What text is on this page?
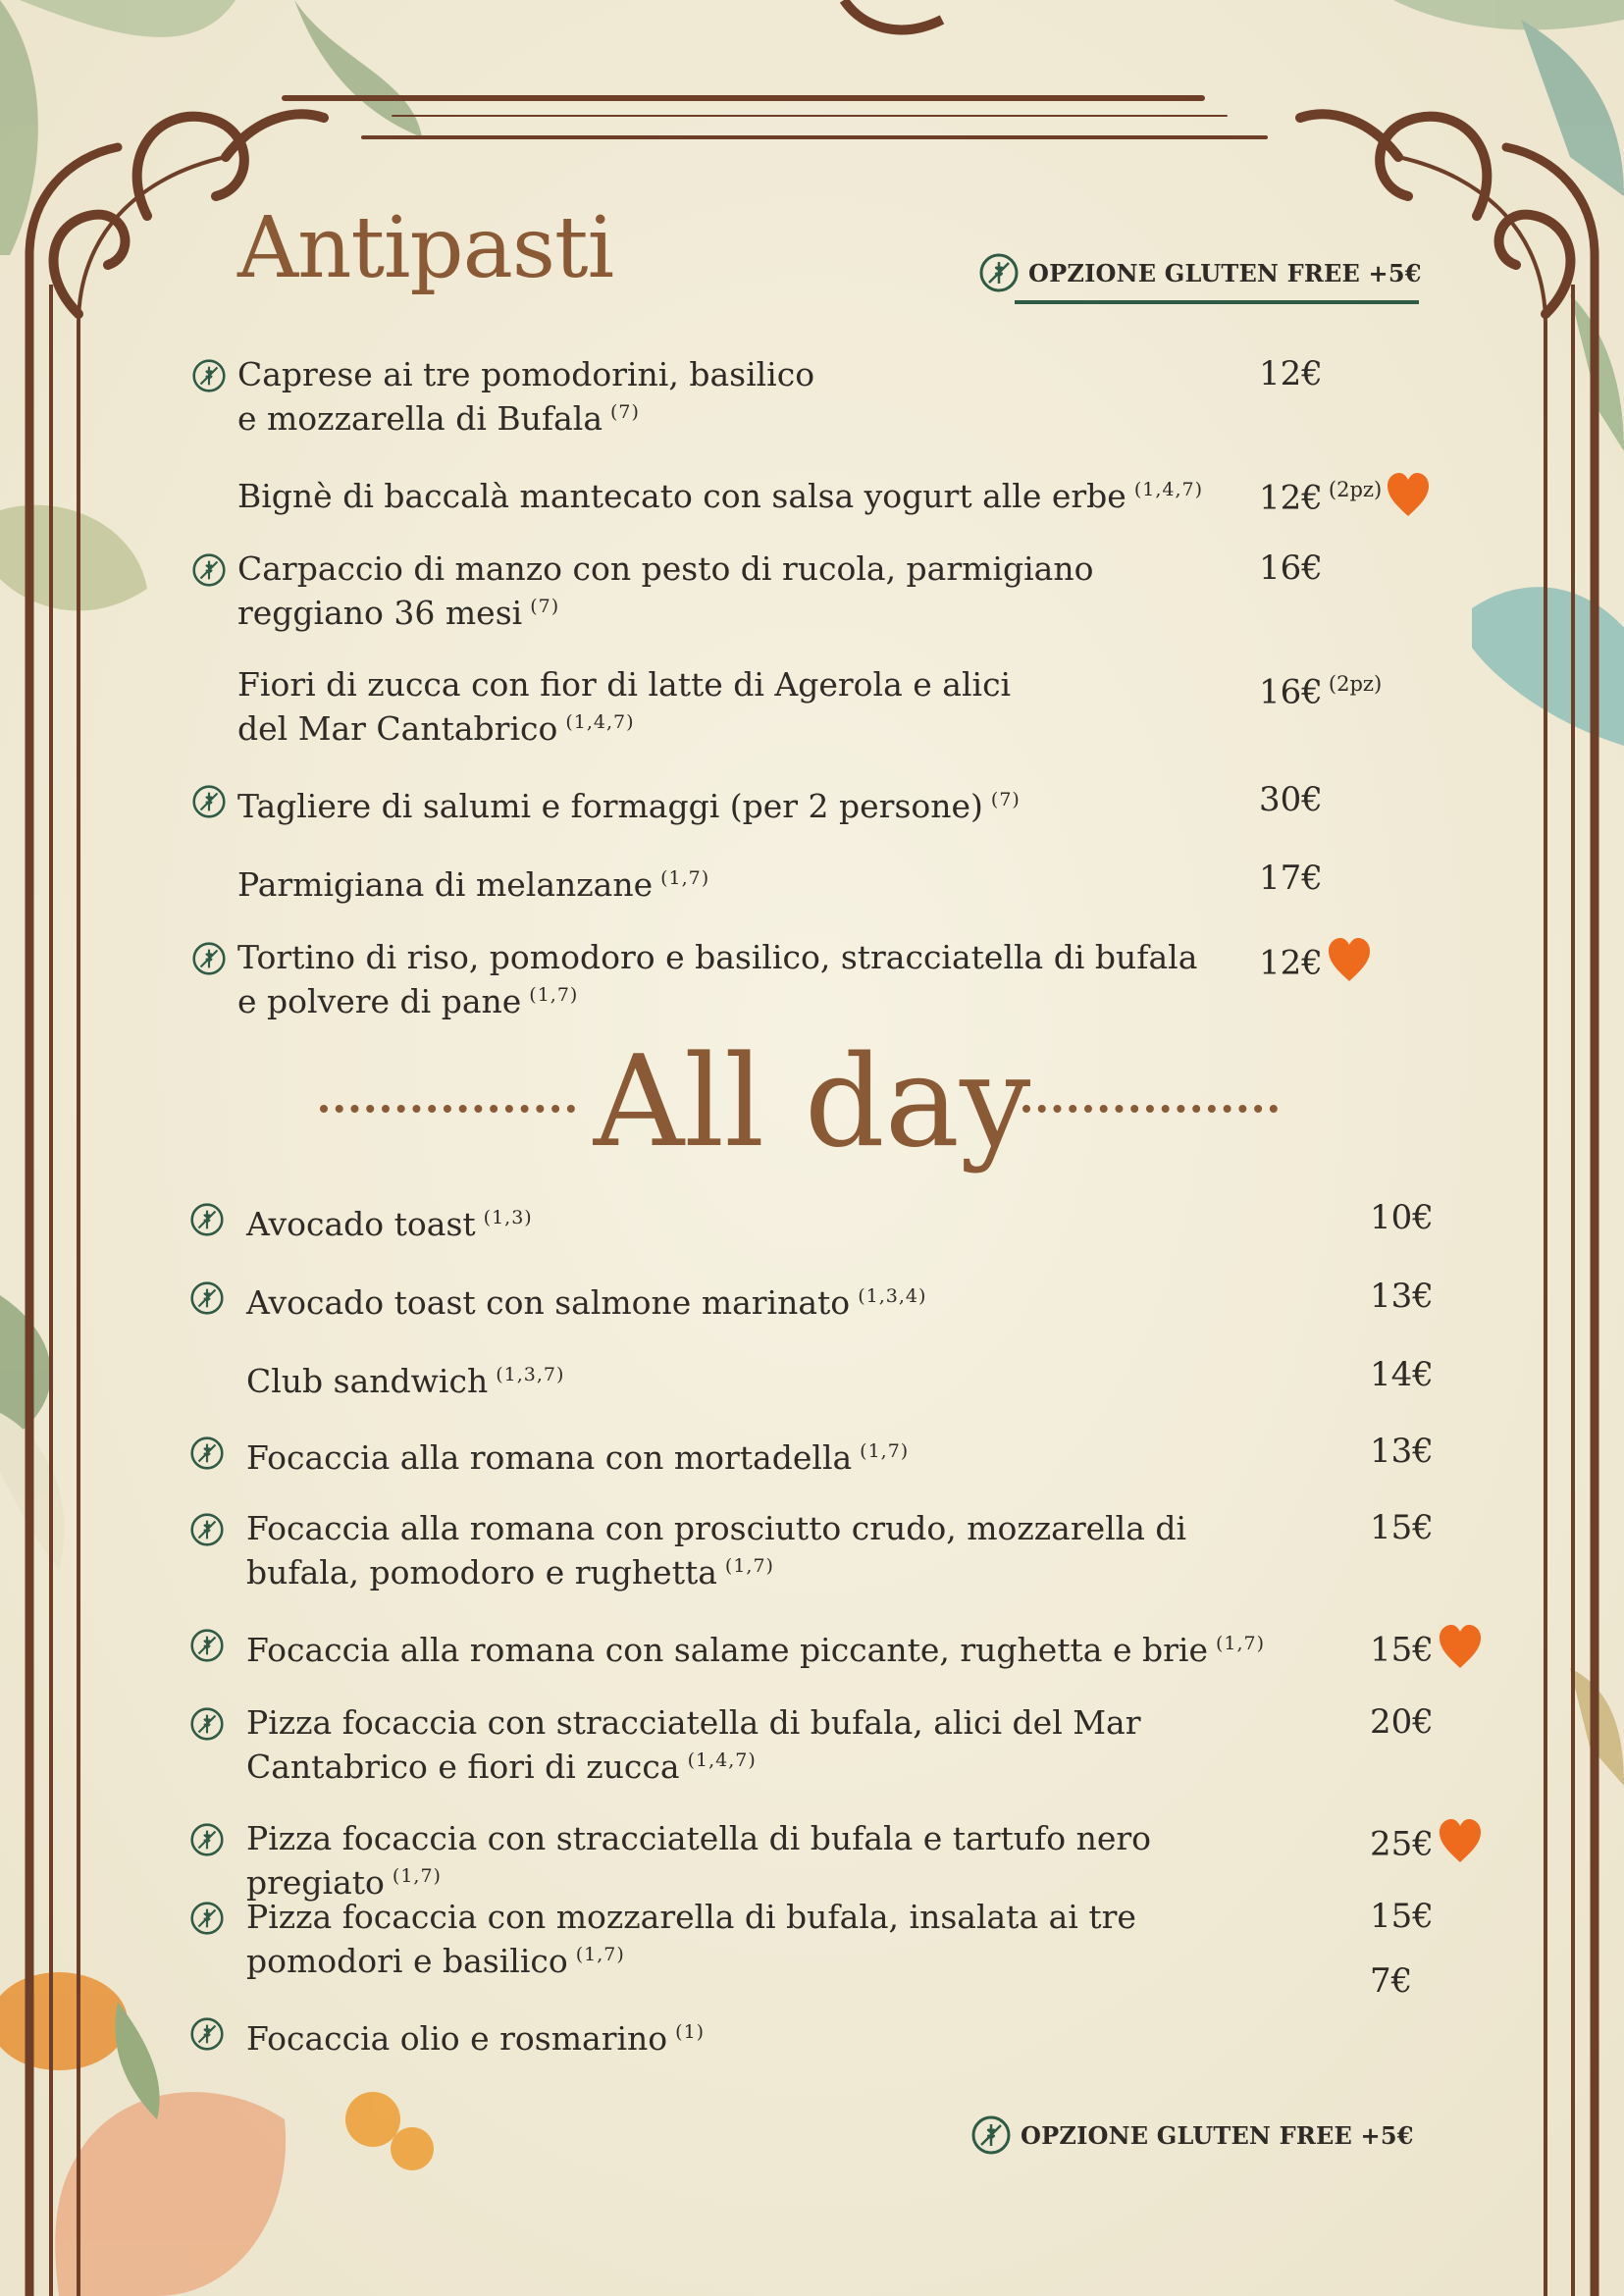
Antipasti	OPZIONE GLUTEN FREE +5€
Caprese ai tre pomodorini, basilico
e mozzarella di Bufala $^{(7)}$
12€
Bignè di baccalà mantecato con salsa yogurt alle erbe $^{(1,4,7)}$	12€ $^{(2pz)}$
Carpaccio di manzo con pesto di rucola, parmigiano
reggiano 36 mesi $^{(7)}$
16€
Fiori di zucca con fior di latte di Agerola e alici
del Mar Cantabrico $^{(1,4,7)}$
16€ $^{(2pz)}$
Tagliere di salumi e formaggi (per 2 persone) $^{(7)}$	30€
Parmigiana di melanzane $^{(1,7)}$	17€
Tortino di riso, pomodoro e basilico, stracciatella di bufala
e polvere di pane $^{(1,7)}$
12€
All day
Avocado toast $^{(1,3)}$	10€
Avocado toast con salmone marinato $^{(1,3,4)}$	13€
Club sandwich $^{(1,3,7)}$	14€
Focaccia alla romana con mortadella $^{(1,7)}$	13€
Focaccia alla romana con prosciutto crudo, mozzarella di
bufala, pomodoro e rughetta $^{(1,7)}$
15€
Focaccia alla romana con salame piccante, rughetta e brie $^{(1,7)}$	15€
Pizza focaccia con stracciatella di bufala, alici del Mar
Cantabrico e fiori di zucca $^{(1,4,7)}$
20€
Pizza focaccia con stracciatella di bufala e tartufo nero pregiato $^{(1,7)}$
25€
Pizza focaccia con mozzarella di bufala, insalata ai tre
pomodori e basilico $^{(1,7)}$
15€
Focaccia olio e rosmarino $^{(1)}$
7€
OPZIONE GLUTEN FREE +5€
